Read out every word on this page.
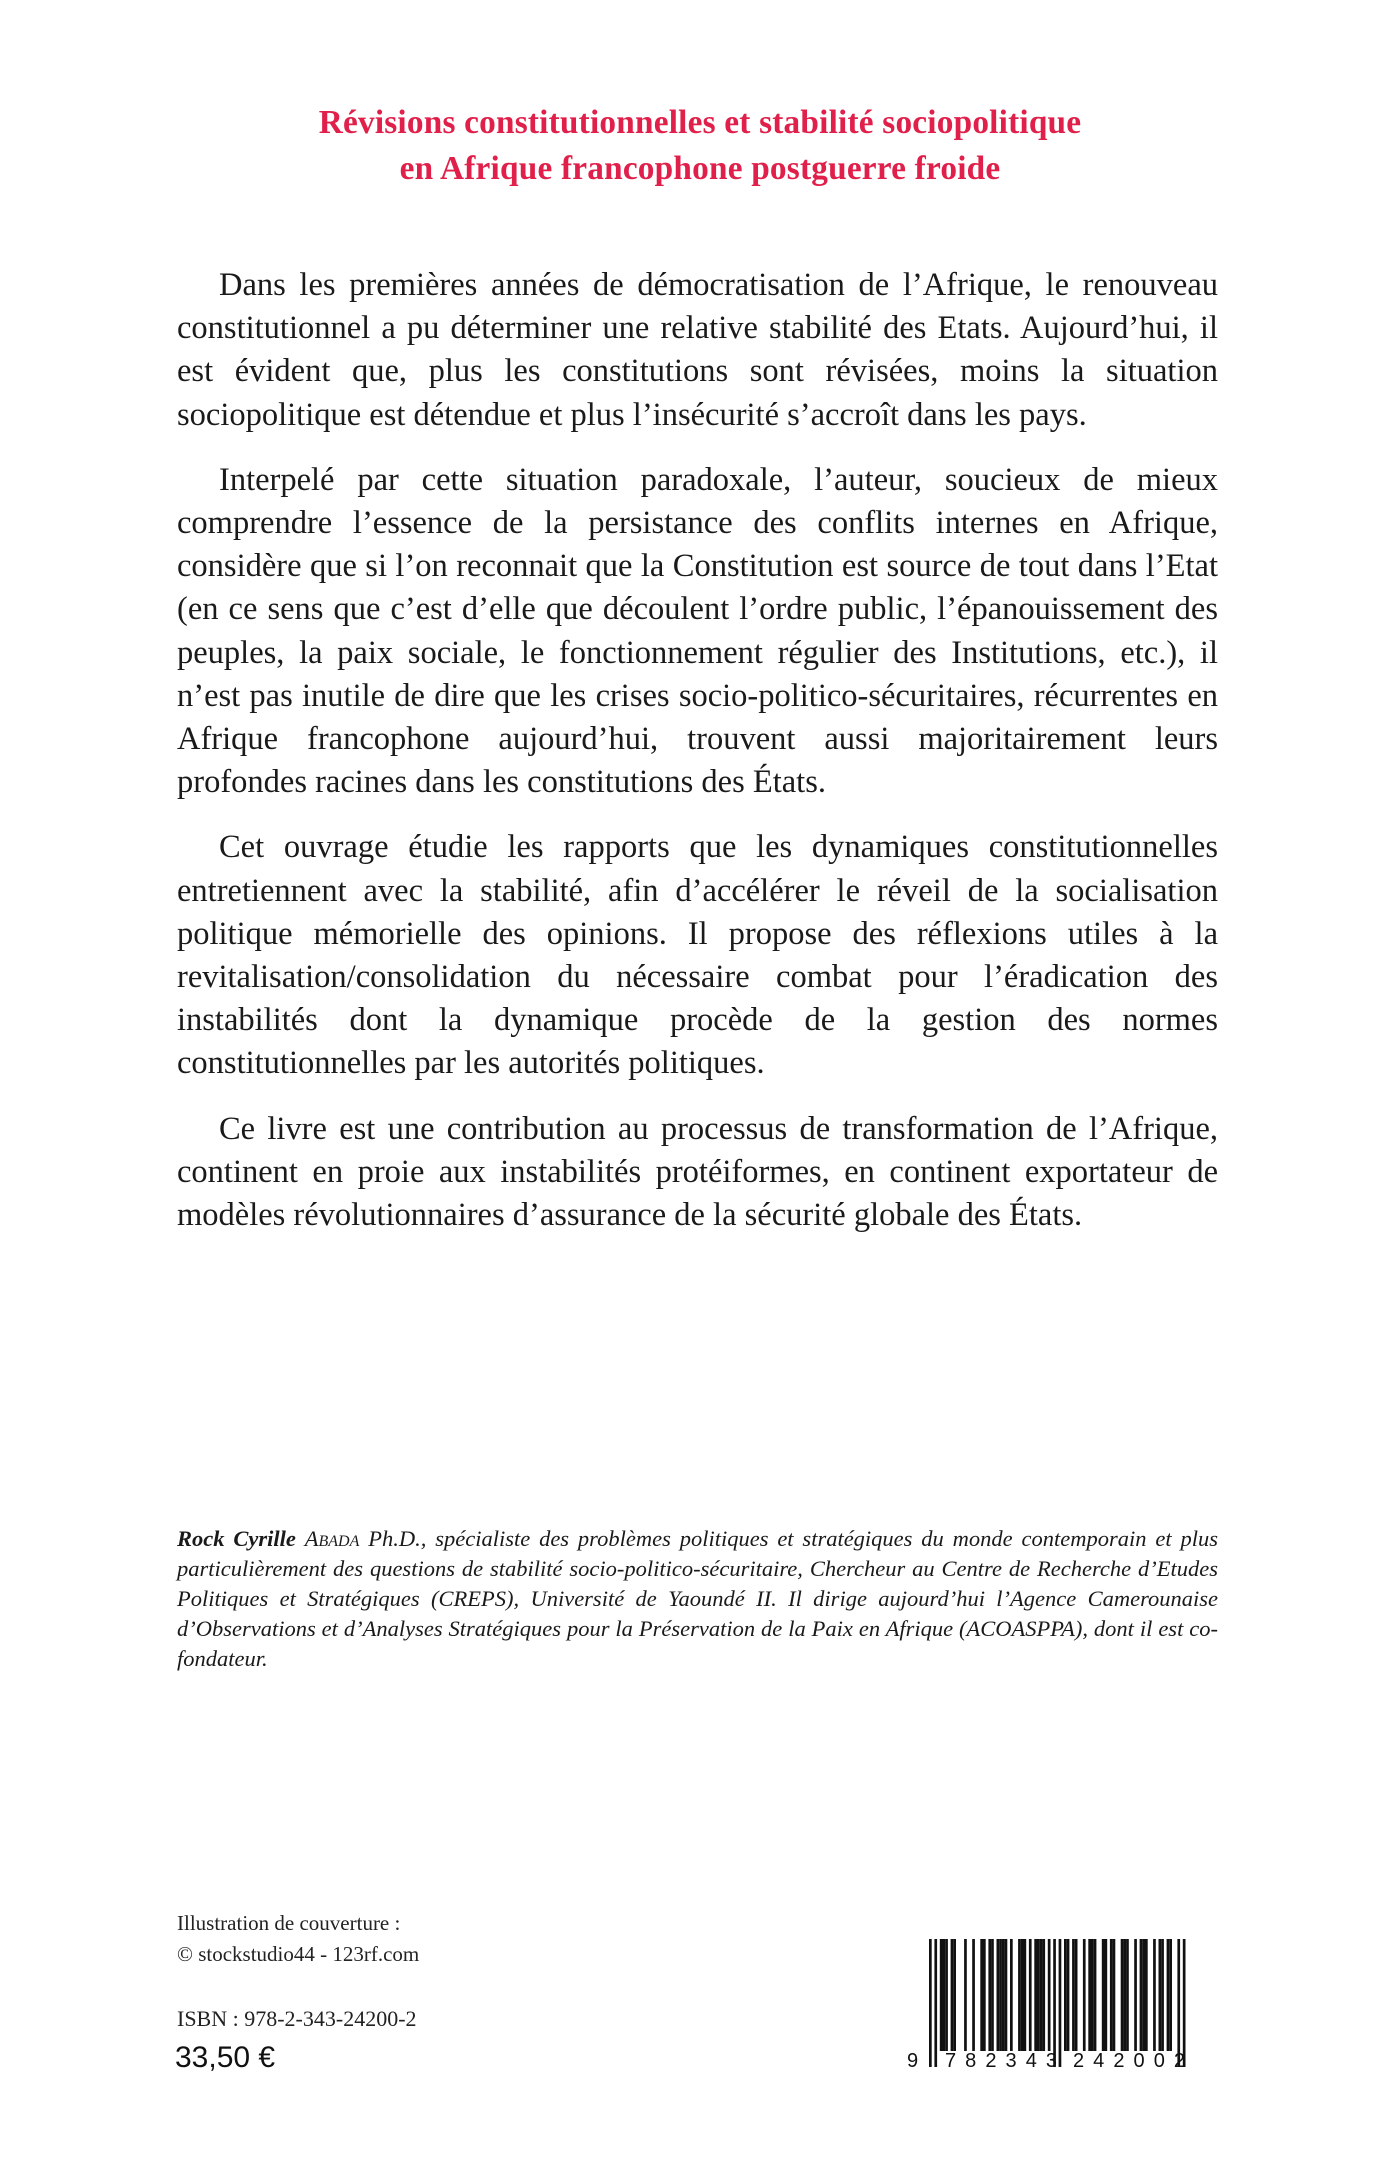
Révisions constitutionnelles et stabilité sociopolitique
en Afrique francophone postguerre froide

Dans les premières années de démocratisation de l’Afrique, le renouveau constitutionnel a pu déterminer une relative stabilité des Etats. Aujourd’hui, il est évident que, plus les constitutions sont révisées, moins la situation sociopolitique est détendue et plus l’insécurité s’accroît dans les pays.

Interpelé par cette situation paradoxale, l’auteur, soucieux de mieux comprendre l’essence de la persistance des conflits internes en Afrique, considère que si l’on reconnait que la Constitution est source de tout dans l’Etat (en ce sens que c’est d’elle que découlent l’ordre public, l’épanouissement des peuples, la paix sociale, le fonctionnement régulier des Institutions, etc.), il n’est pas inutile de dire que les crises socio-politico-sécuritaires, récurrentes en Afrique francophone aujourd’hui, trouvent aussi majoritairement leurs profondes racines dans les constitutions des États.

Cet ouvrage étudie les rapports que les dynamiques constitutionnelles entretiennent avec la stabilité, afin d’accélérer le réveil de la socialisation politique mémorielle des opinions. Il propose des réflexions utiles à la revitalisation/consolidation du nécessaire combat pour l’éradication des instabilités dont la dynamique procède de la gestion des normes constitutionnelles par les autorités politiques.

Ce livre est une contribution au processus de transformation de l’Afrique, continent en proie aux instabilités protéiformes, en continent exportateur de modèles révolutionnaires d’assurance de la sécurité globale des États.

Rock Cyrille Abada Ph.D., spécialiste des problèmes politiques et stratégiques du monde contemporain et plus particulièrement des questions de stabilité socio-politico-sécuritaire, Chercheur au Centre de Recherche d’Etudes Politiques et Stratégiques (CREPS), Université de Yaoundé II. Il dirige aujourd’hui l’Agence Camerounaise d’Observations et d’Analyses Stratégiques pour la Préservation de la Paix en Afrique (ACOASPPA), dont il est co-fondateur.
Illustration de couverture :
© stockstudio44 - 123rf.com
ISBN : 978-2-343-24200-2
33,50 €	9 782343 242002
